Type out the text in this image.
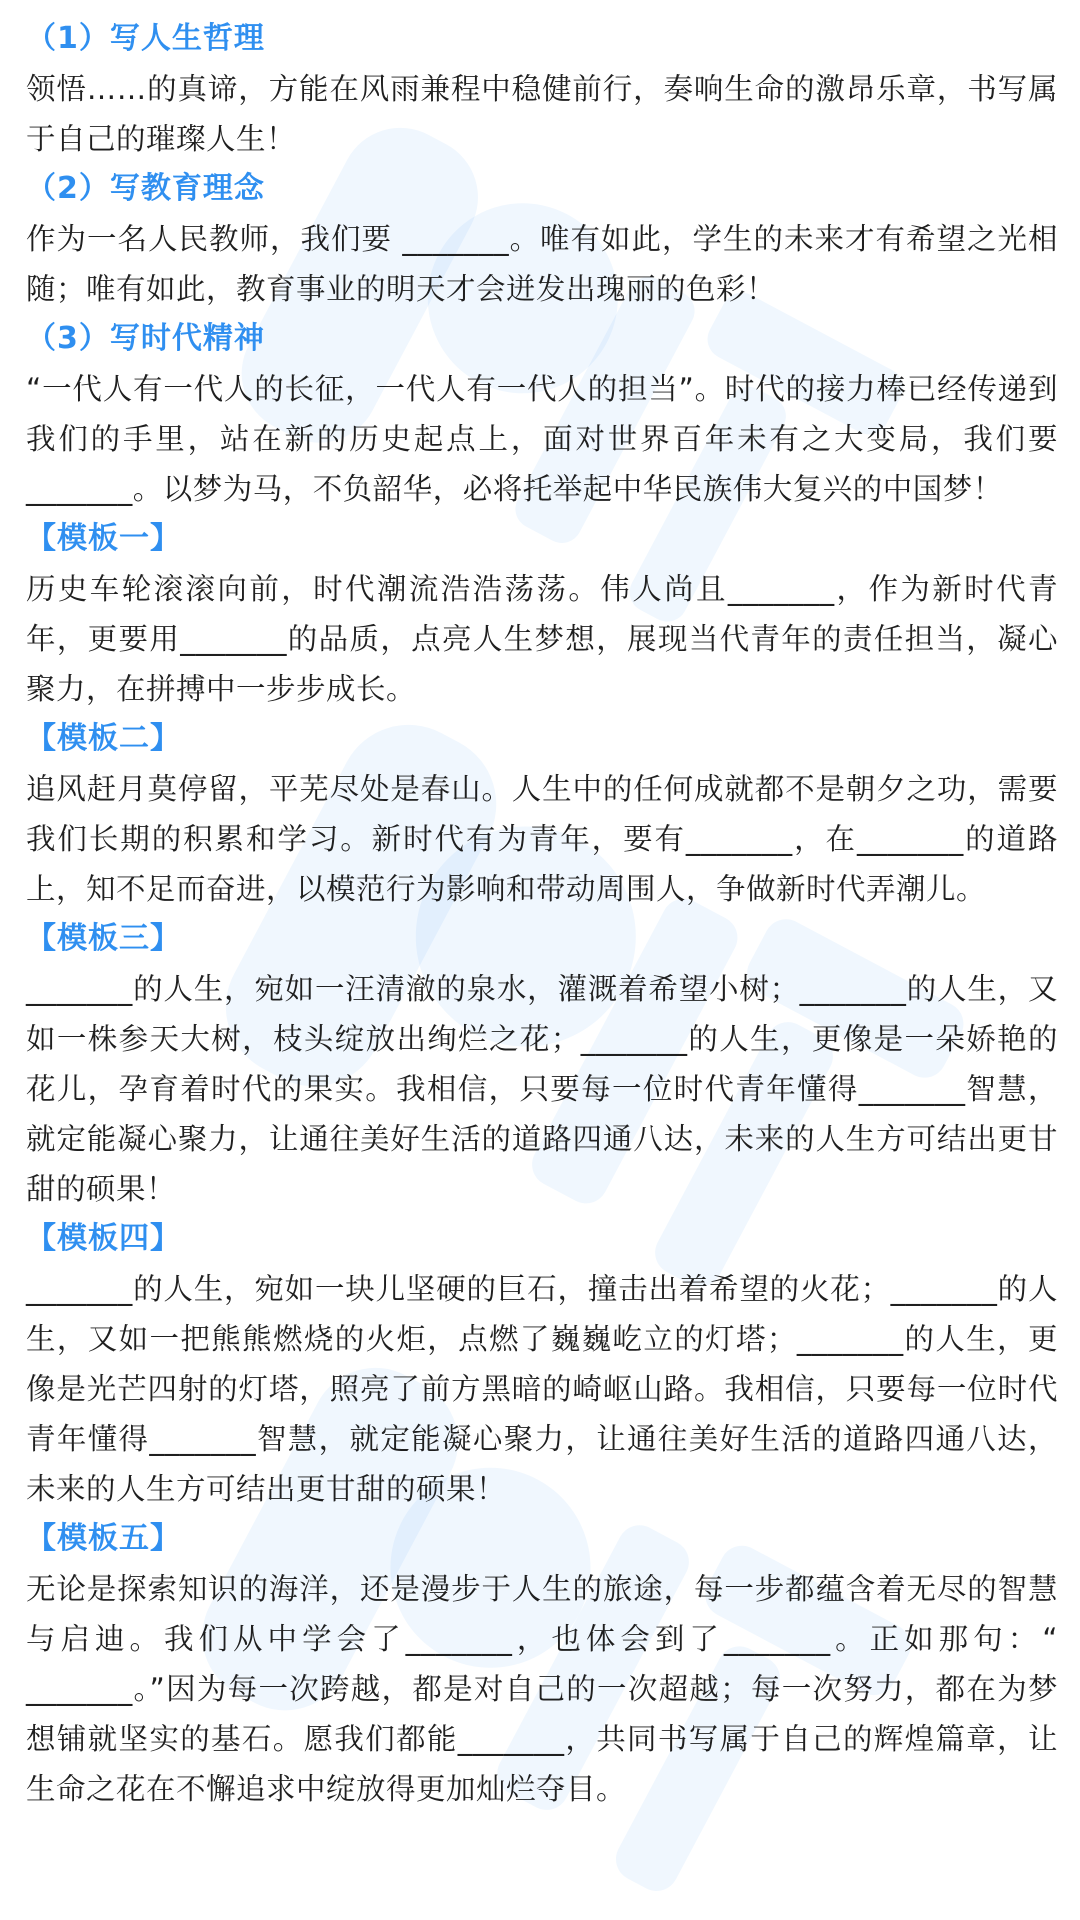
（1）写人生哲理

领悟……的真谛，方能在风雨兼程中稳健前行，奏响生命的激昂乐章，书写属于自己的璀璨人生！

（2）写教育理念

作为一名人民教师，我们要 _______。唯有如此，学生的未来才有希望之光相随；唯有如此，教育事业的明天才会迸发出瑰丽的色彩！

（3）写时代精神

“一代人有一代人的长征，一代人有一代人的担当”。时代的接力棒已经传递到我们的手里，站在新的历史起点上，面对世界百年未有之大变局，我们要_______。以梦为马，不负韶华，必将托举起中华民族伟大复兴的中国梦！

【模板一】

历史车轮滚滚向前，时代潮流浩浩荡荡。伟人尚且_______，作为新时代青年，更要用_______的品质，点亮人生梦想，展现当代青年的责任担当，凝心聚力，在拼搏中一步步成长。

【模板二】

追风赶月莫停留，平芜尽处是春山。人生中的任何成就都不是朝夕之功，需要我们长期的积累和学习。新时代有为青年，要有_______，在_______的道路上，知不足而奋进，以模范行为影响和带动周围人，争做新时代弄潮儿。

【模板三】

_______的人生，宛如一汪清澈的泉水，灌溉着希望小树；_______的人生，又如一株参天大树，枝头绽放出绚烂之花；_______的人生，更像是一朵娇艳的花儿，孕育着时代的果实。我相信，只要每一位时代青年懂得_______智慧，就定能凝心聚力，让通往美好生活的道路四通八达，未来的人生方可结出更甘甜的硕果！

【模板四】

_______的人生，宛如一块儿坚硬的巨石，撞击出着希望的火花；_______的人生，又如一把熊熊燃烧的火炬，点燃了巍巍屹立的灯塔；_______的人生，更像是光芒四射的灯塔，照亮了前方黑暗的崎岖山路。我相信，只要每一位时代青年懂得_______智慧，就定能凝心聚力，让通往美好生活的道路四通八达，未来的人生方可结出更甘甜的硕果！

【模板五】

无论是探索知识的海洋，还是漫步于人生的旅途，每一步都蕴含着无尽的智慧与启迪。我们从中学会了_______，也体会到了_______。正如那句：“ _______。”因为每一次跨越，都是对自己的一次超越；每一次努力，都在为梦想铺就坚实的基石。愿我们都能_______，共同书写属于自己的辉煌篇章，让生命之花在不懈追求中绽放得更加灿烂夺目。
